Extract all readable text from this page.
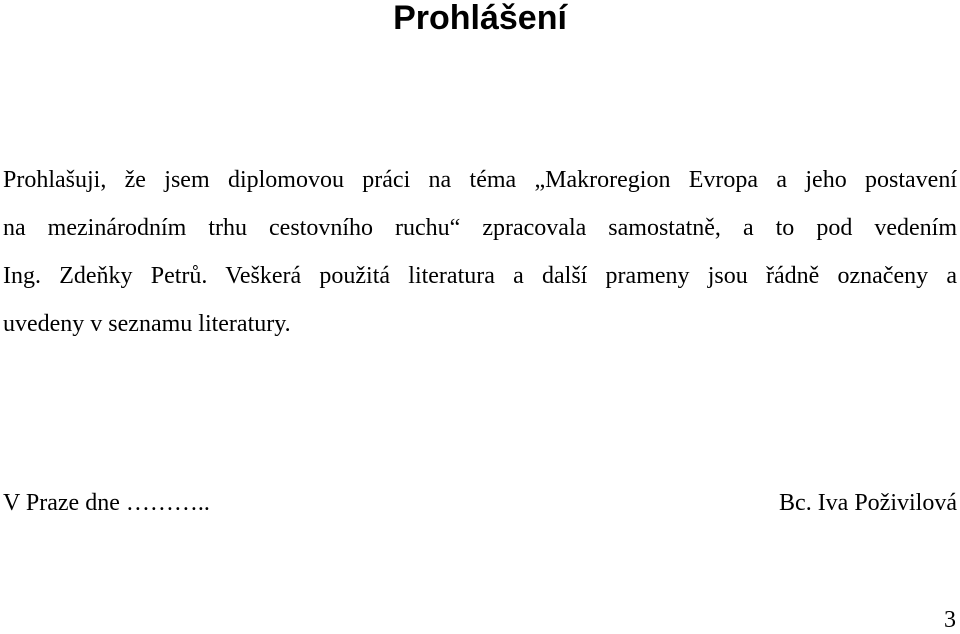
Prohlášení

Prohlašuji, že jsem diplomovou práci na téma „Makroregion Evropa a jeho postavení
na mezinárodním trhu cestovního ruchu“ zpracovala samostatně, a to pod vedením
Ing. Zdeňky Petrů. Veškerá použitá literatura a další prameny jsou řádně označeny a
uvedeny v seznamu literatury.

V Praze dne ………..	Bc. Iva Poživilová
3
